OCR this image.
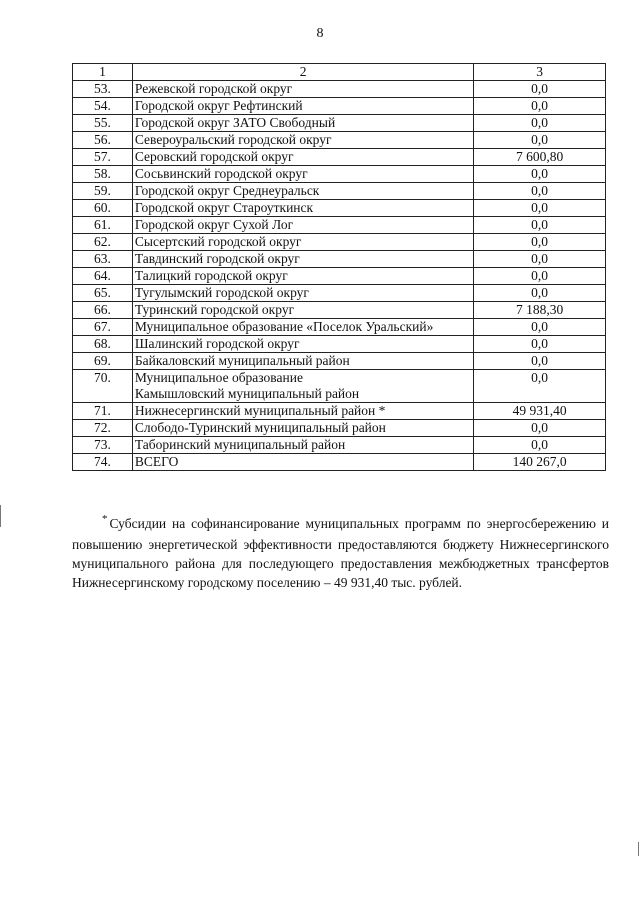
8
1	2	3
53.	Режевской городской округ	0,0
54.	Городской округ Рефтинский	0,0
55.	Городской округ ЗАТО Свободный	0,0
56.	Североуральский городской округ	0,0
57.	Серовский городской округ	7 600,80
58.	Сосьвинский городской округ	0,0
59.	Городской округ Среднеуральск	0,0
60.	Городской округ Староуткинск	0,0
61.	Городской округ Сухой Лог	0,0
62.	Сысертский городской округ	0,0
63.	Тавдинский городской округ	0,0
64.	Талицкий городской округ	0,0
65.	Тугулымский городской округ	0,0
66.	Туринский городской округ	7 188,30
67.	Муниципальное образование «Поселок Уральский»	0,0
68.	Шалинский городской округ	0,0
69.	Байкаловский муниципальный район	0,0
70.	Муниципальное образование
Камышловский муниципальный район	0,0
71.	Нижнесергинский муниципальный район *	49 931,40
72.	Слободо-Туринский муниципальный район	0,0
73.	Таборинский муниципальный район	0,0
74.	ВСЕГО	140 267,0
* Субсидии на софинансирование муниципальных программ по энергосбережению и повышению энергетической эффективности предоставляются бюджету Нижнесергинского муниципального района для последующего предоставления межбюджетных трансфертов Нижнесергинскому городскому поселению – 49 931,40 тыс. рублей.
